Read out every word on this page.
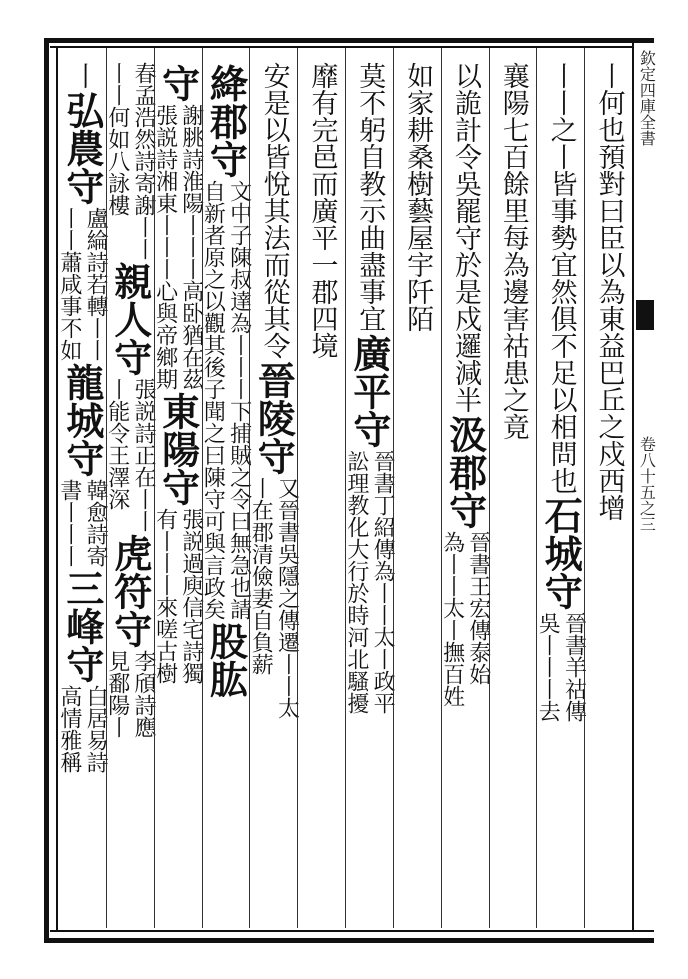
欽定四庫全書
卷八十五之三
丨何也預對曰臣以為東益巴丘之戍西增
丨丨之丨皆事勢宜然俱不足以相問也
石城守
晉書羊祜傳
吳丨丨丨去
襄陽七百餘里每為邊害祜患之竟
以詭計令吳罷守於是戍邏減半
汲郡守
晉書王宏傳泰始
為丨丨太丨撫百姓
如家耕桑樹藝屋宇阡陌
莫不躬自教示曲盡事宜
廣平守
晉書丁紹傳為丨丨太丨政平
訟理教化大行於時河北騷擾
靡有完邑而廣平一郡四境
安是以皆悅其法而從其令
晉陵守
又晉書吳隱之傳遷丨丨太
丨在郡清儉妻自負薪
絳郡守
文中子陳叔達為丨丨丨下捕賊之令曰無急也請
自新者原之以觀其後子聞之曰陳守可與言政矣
股肱
守
謝脁詩淮陽丨丨丨高卧猶在茲
張説詩湘東丨丨丨心與帝鄉期
東陽守
張説過庾信宅詩獨
有丨丨丨來嗟古樹
春孟浩然詩寄謝丨丨
丨丨何如八詠樓
親人守
張説詩正在丨丨
丨能令王澤深
虎符守
李頎詩應
見鄱陽丨
丨
弘農守
盧綸詩若轉丨丨
丨丨蕭咸事不如
龍城守
韓愈詩寄
書丨丨丨
三峰守
白居易詩
高情雅稱
